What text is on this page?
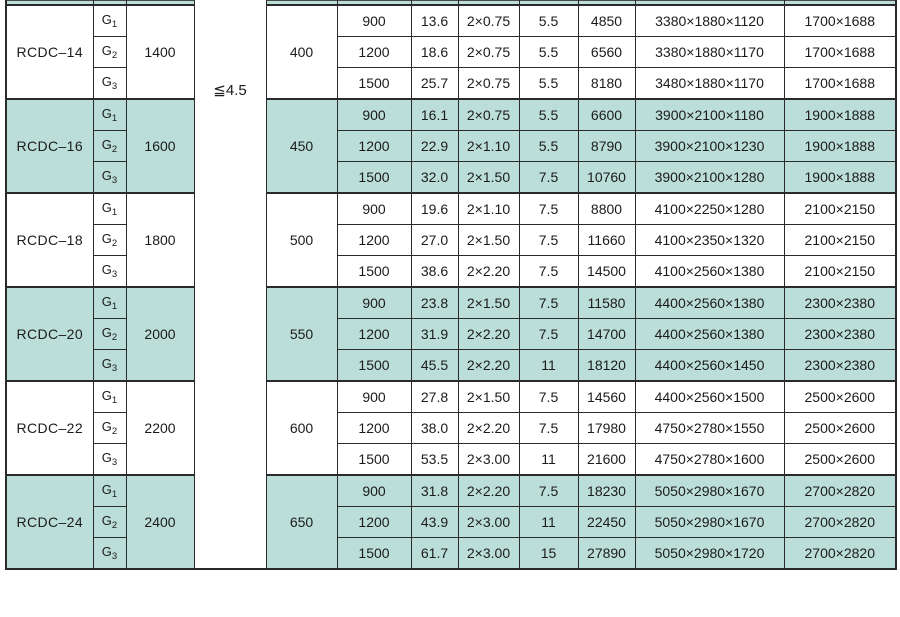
			≦4.5								
RCDC–14	$G_1$	1400		400	900	13.6	2×0.75	5.5	4850	3380×1880×1120	1700×1688
	$G_2$				1200	18.6	2×0.75	5.5	6560	3380×1880×1170	1700×1688
	$G_3$				1500	25.7	2×0.75	5.5	8180	3480×1880×1170	1700×1688
RCDC–16	$G_1$	1600		450	900	16.1	2×0.75	5.5	6600	3900×2100×1180	1900×1888
	$G_2$				1200	22.9	2×1.10	5.5	8790	3900×2100×1230	1900×1888
	$G_3$				1500	32.0	2×1.50	7.5	10760	3900×2100×1280	1900×1888
RCDC–18	$G_1$	1800		500	900	19.6	2×1.10	7.5	8800	4100×2250×1280	2100×2150
	$G_2$				1200	27.0	2×1.50	7.5	11660	4100×2350×1320	2100×2150
	$G_3$				1500	38.6	2×2.20	7.5	14500	4100×2560×1380	2100×2150
RCDC–20	$G_1$	2000		550	900	23.8	2×1.50	7.5	11580	4400×2560×1380	2300×2380
	$G_2$				1200	31.9	2×2.20	7.5	14700	4400×2560×1380	2300×2380
	$G_3$				1500	45.5	2×2.20	11	18120	4400×2560×1450	2300×2380
RCDC–22	$G_1$	2200		600	900	27.8	2×1.50	7.5	14560	4400×2560×1500	2500×2600
	$G_2$				1200	38.0	2×2.20	7.5	17980	4750×2780×1550	2500×2600
	$G_3$				1500	53.5	2×3.00	11	21600	4750×2780×1600	2500×2600
RCDC–24	$G_1$	2400		650	900	31.8	2×2.20	7.5	18230	5050×2980×1670	2700×2820
	$G_2$				1200	43.9	2×3.00	11	22450	5050×2980×1670	2700×2820
	$G_3$				1500	61.7	2×3.00	15	27890	5050×2980×1720	2700×2820
